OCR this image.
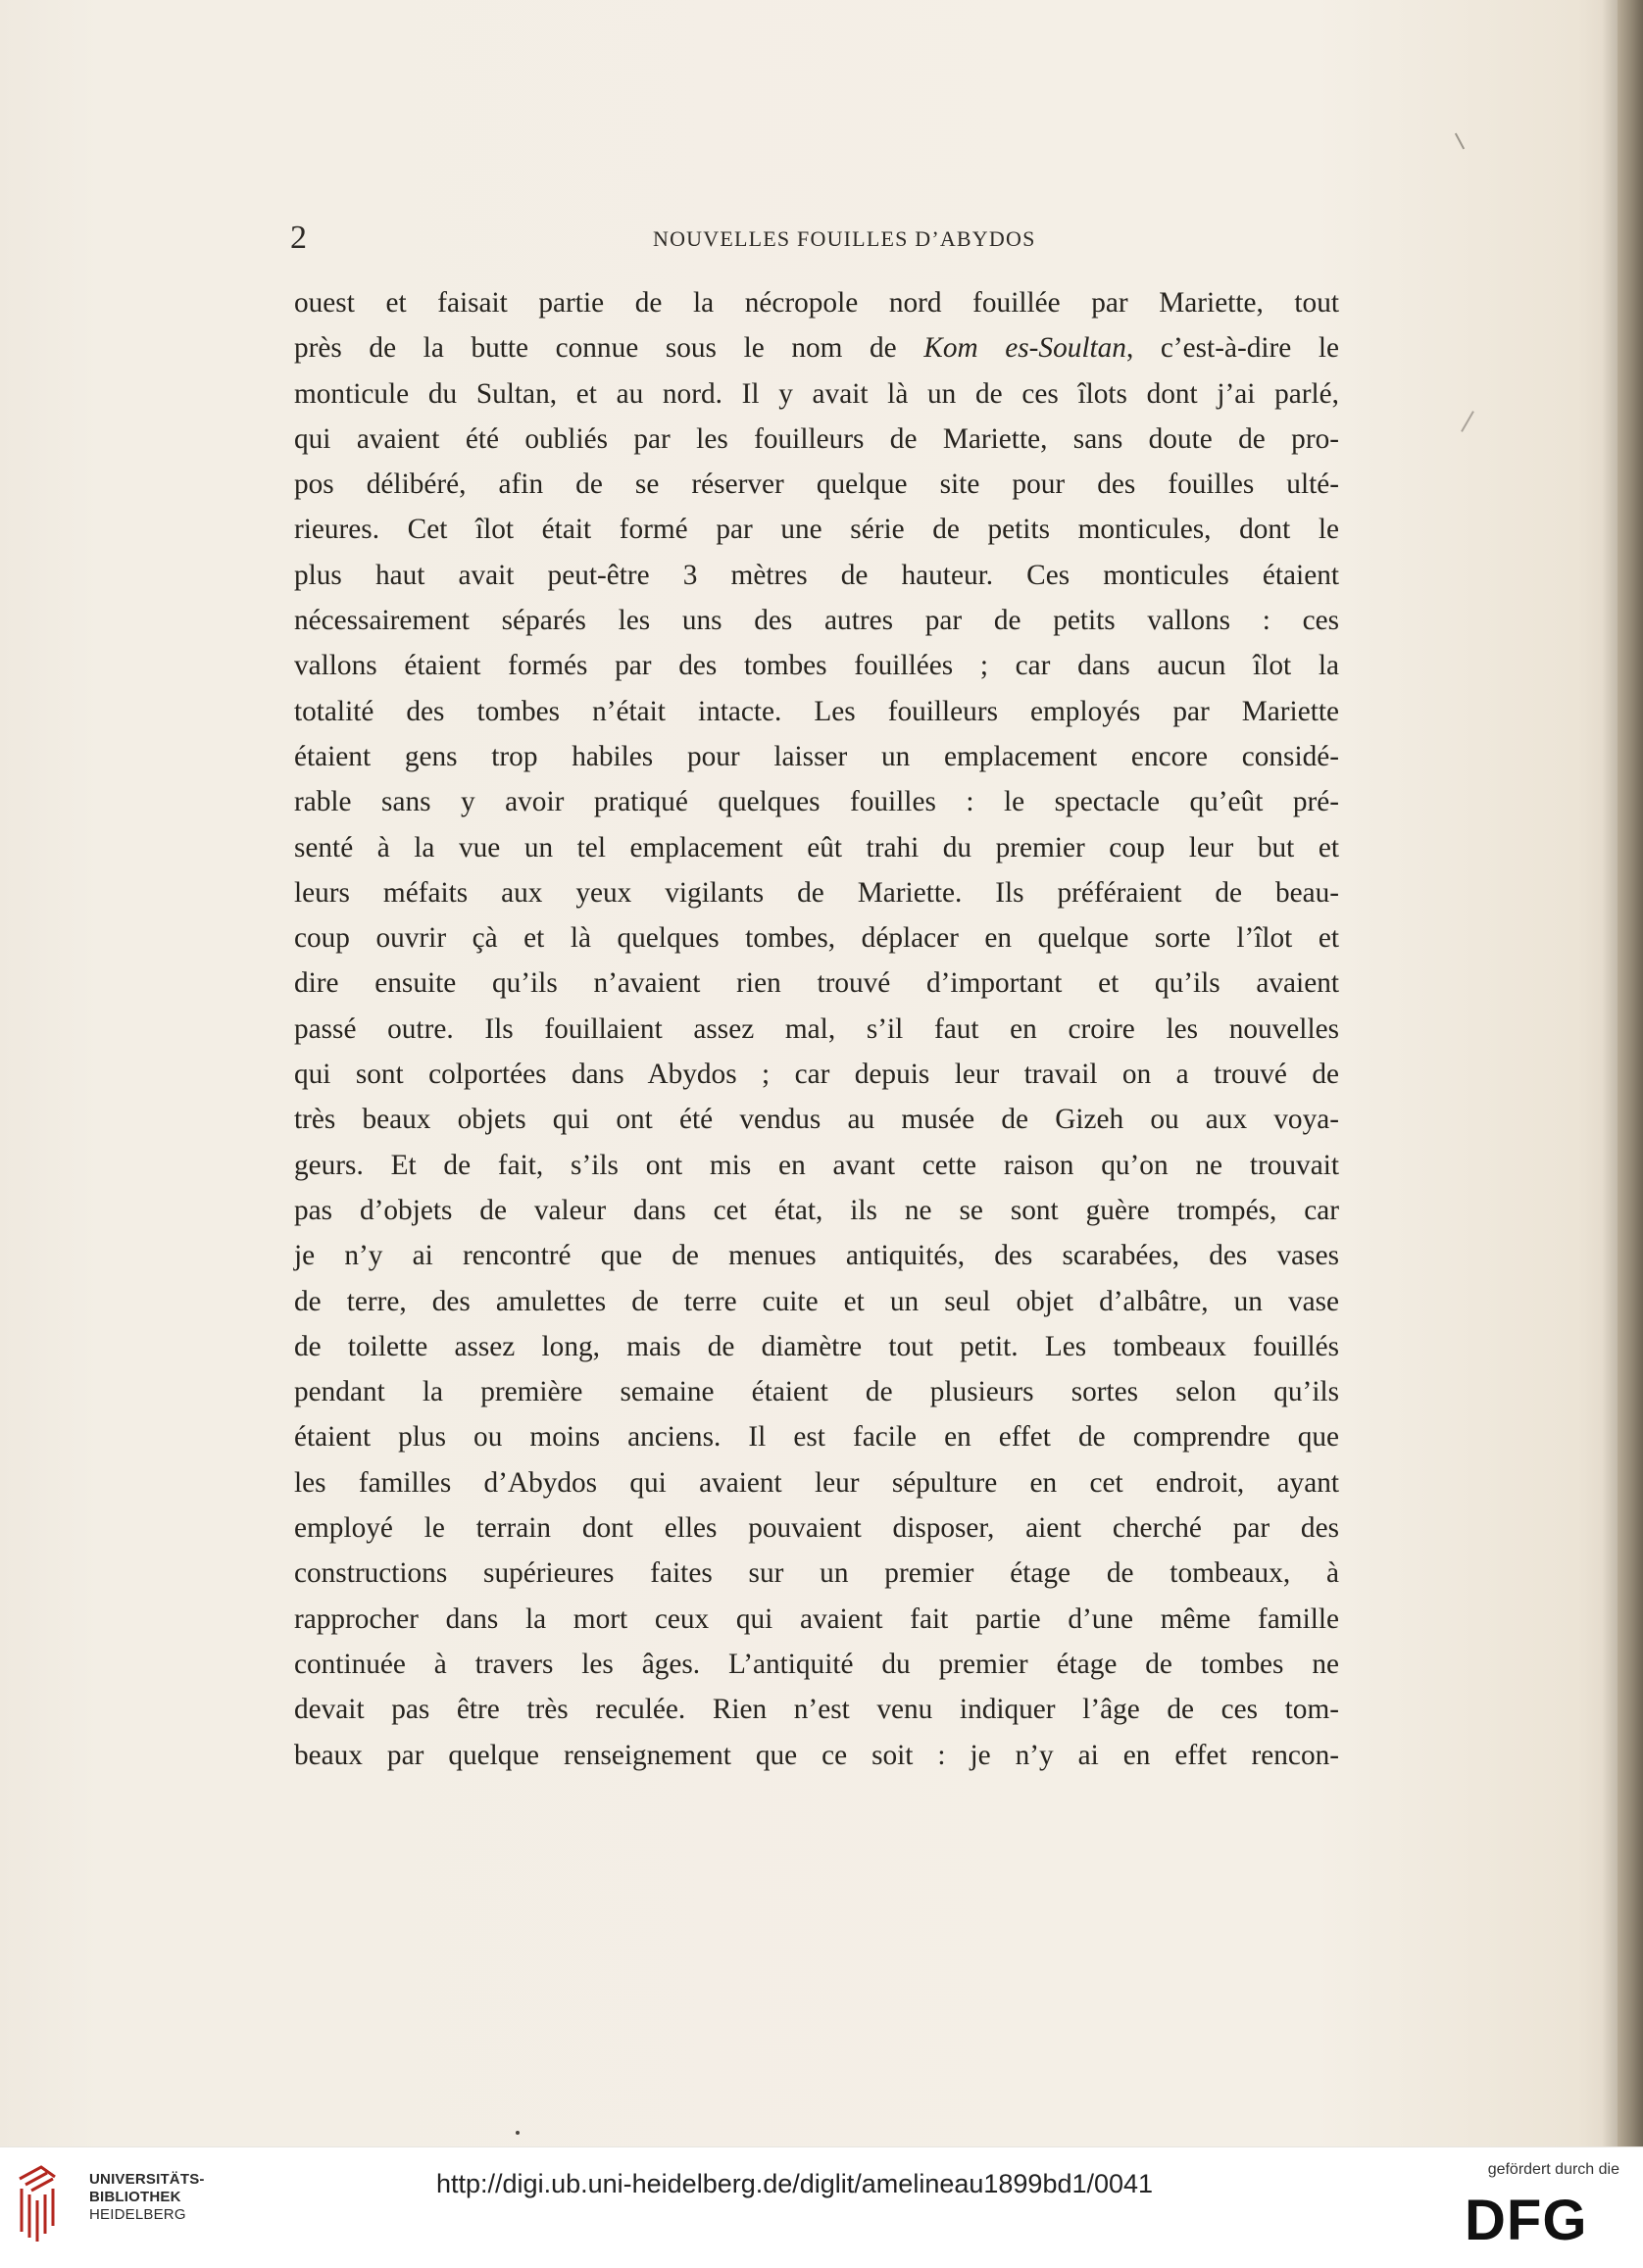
2	NOUVELLES FOUILLES D’ABYDOS
ouest et faisait partie de la nécropole nord fouillée par Mariette, tout
près de la butte connue sous le nom de Kom es-Soultan, c’est-à-dire le
monticule du Sultan, et au nord. Il y avait là un de ces îlots dont j’ai parlé,
qui avaient été oubliés par les fouilleurs de Mariette, sans doute de pro-
pos délibéré, afin de se réserver quelque site pour des fouilles ulté-
rieures. Cet îlot était formé par une série de petits monticules, dont le
plus haut avait peut-être 3 mètres de hauteur. Ces monticules étaient
nécessairement séparés les uns des autres par de petits vallons : ces
vallons étaient formés par des tombes fouillées ; car dans aucun îlot la
totalité des tombes n’était intacte. Les fouilleurs employés par Mariette
étaient gens trop habiles pour laisser un emplacement encore considé-
rable sans y avoir pratiqué quelques fouilles : le spectacle qu’eût pré-
senté à la vue un tel emplacement eût trahi du premier coup leur but et
leurs méfaits aux yeux vigilants de Mariette. Ils préféraient de beau-
coup ouvrir çà et là quelques tombes, déplacer en quelque sorte l’îlot et
dire ensuite qu’ils n’avaient rien trouvé d’important et qu’ils avaient
passé outre. Ils fouillaient assez mal, s’il faut en croire les nouvelles
qui sont colportées dans Abydos ; car depuis leur travail on a trouvé de
très beaux objets qui ont été vendus au musée de Gizeh ou aux voya-
geurs. Et de fait, s’ils ont mis en avant cette raison qu’on ne trouvait
pas d’objets de valeur dans cet état, ils ne se sont guère trompés, car
je n’y ai rencontré que de menues antiquités, des scarabées, des vases
de terre, des amulettes de terre cuite et un seul objet d’albâtre, un vase
de toilette assez long, mais de diamètre tout petit. Les tombeaux fouillés
pendant la première semaine étaient de plusieurs sortes selon qu’ils
étaient plus ou moins anciens. Il est facile en effet de comprendre que
les familles d’Abydos qui avaient leur sépulture en cet endroit, ayant
employé le terrain dont elles pouvaient disposer, aient cherché par des
constructions supérieures faites sur un premier étage de tombeaux, à
rapprocher dans la mort ceux qui avaient fait partie d’une même famille
continuée à travers les âges. L’antiquité du premier étage de tombes ne
devait pas être très reculée. Rien n’est venu indiquer l’âge de ces tom-
beaux par quelque renseignement que ce soit : je n’y ai en effet rencon-
UNIVERSITÄTS-
BIBLIOTHEK
HEIDELBERG
http://digi.ub.uni-heidelberg.de/diglit/amelineau1899bd1/0041	gefördert durch die
DFG
